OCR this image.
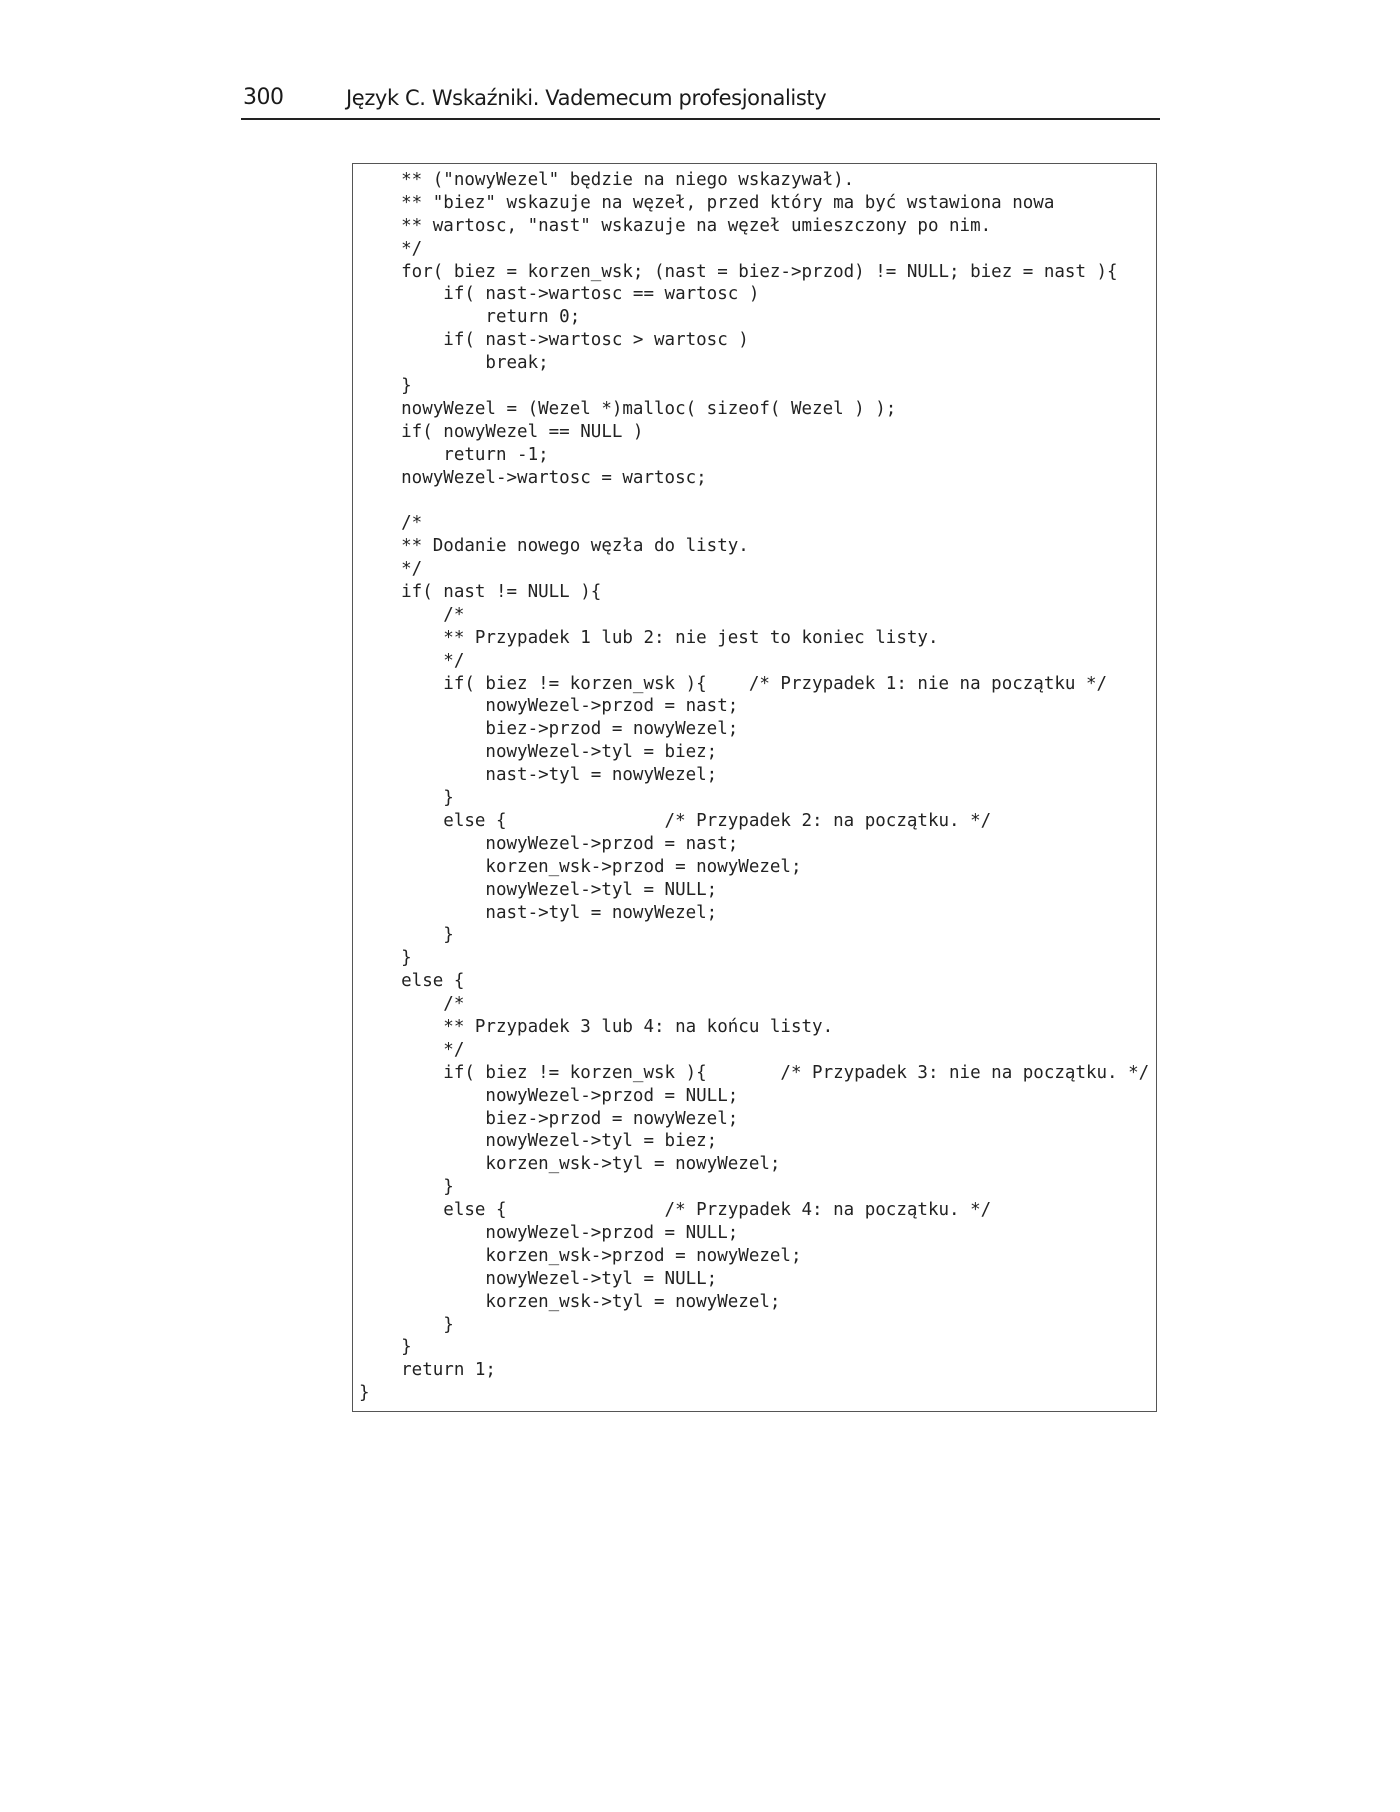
300	Język C. Wskaźniki. Vademecum profesjonalisty
** ("nowyWezel" będzie na niego wskazywał).
** "biez" wskazuje na węzeł, przed który ma być wstawiona nowa
** wartosc, "nast" wskazuje na węzeł umieszczony po nim.
*/
for( biez = korzen_wsk; (nast = biez->przod) != NULL; biez = nast ){
if( nast->wartosc == wartosc )
return 0;
if( nast->wartosc > wartosc )
break;
}
nowyWezel = (Wezel *)malloc( sizeof( Wezel ) );
if( nowyWezel == NULL )
return -1;
nowyWezel->wartosc = wartosc;
/*
** Dodanie nowego węzła do listy.
*/
if( nast != NULL ){
/*
** Przypadek 1 lub 2: nie jest to koniec listy.
*/
if( biez != korzen_wsk ){    /* Przypadek 1: nie na początku */
nowyWezel->przod = nast;
biez->przod = nowyWezel;
nowyWezel->tyl = biez;
nast->tyl = nowyWezel;
}
else {               /* Przypadek 2: na początku. */
nowyWezel->przod = nast;
korzen_wsk->przod = nowyWezel;
nowyWezel->tyl = NULL;
nast->tyl = nowyWezel;
}
}
else {
/*
** Przypadek 3 lub 4: na końcu listy.
*/
if( biez != korzen_wsk ){       /* Przypadek 3: nie na początku. */
nowyWezel->przod = NULL;
biez->przod = nowyWezel;
nowyWezel->tyl = biez;
korzen_wsk->tyl = nowyWezel;
}
else {               /* Przypadek 4: na początku. */
nowyWezel->przod = NULL;
korzen_wsk->przod = nowyWezel;
nowyWezel->tyl = NULL;
korzen_wsk->tyl = nowyWezel;
}
}
return 1;
}
